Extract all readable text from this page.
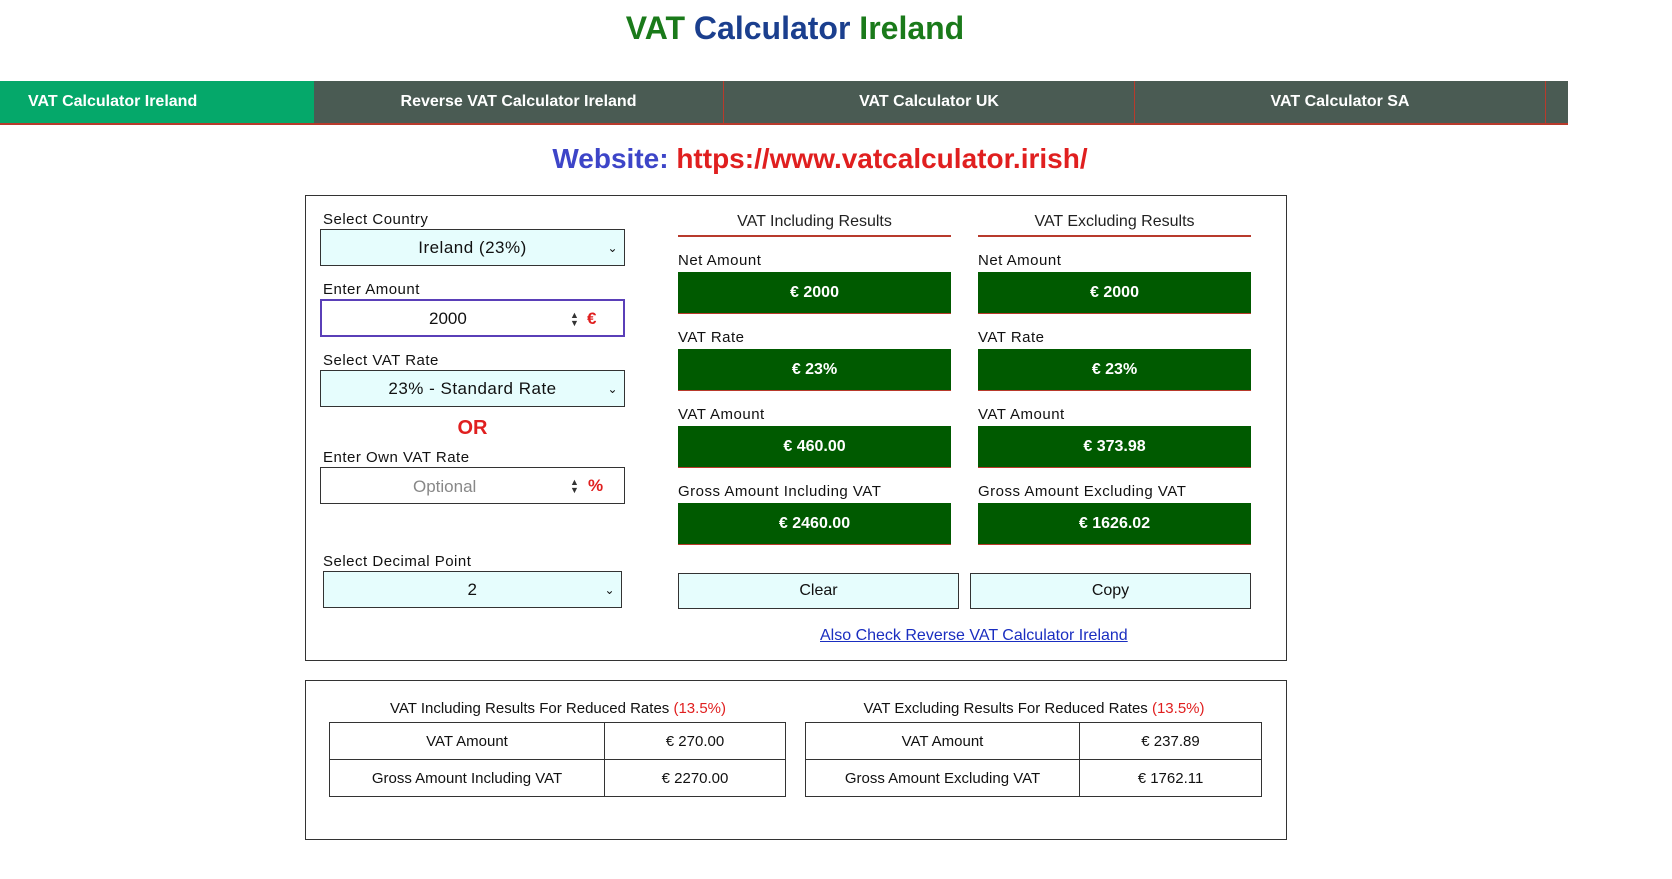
VAT Calculator Ireland
VAT Calculator Ireland	Reverse VAT Calculator Ireland	VAT Calculator UK	VAT Calculator SA
Website: https://www.vatcalculator.irish/
Select Country
Ireland (23%)	⌄
Enter Amount
2000	▲
▼ €
Select VAT Rate
23% - Standard Rate	⌄
OR
Enter Own VAT Rate
Optional	▲
▼ %
Select Decimal Point
2	⌄
VAT Including Results
Net Amount
€ 2000
VAT Rate
€ 23%
VAT Amount
€ 460.00
Gross Amount Including VAT
€ 2460.00
VAT Excluding Results
Net Amount
€ 2000
VAT Rate
€ 23%
VAT Amount
€ 373.98
Gross Amount Excluding VAT
€ 1626.02
Clear	Copy
Also Check Reverse VAT Calculator Ireland
VAT Including Results For Reduced Rates (13.5%)
VAT Amount	€ 270.00
Gross Amount Including VAT	€ 2270.00
VAT Excluding Results For Reduced Rates (13.5%)
VAT Amount	€ 237.89
Gross Amount Excluding VAT	€ 1762.11
